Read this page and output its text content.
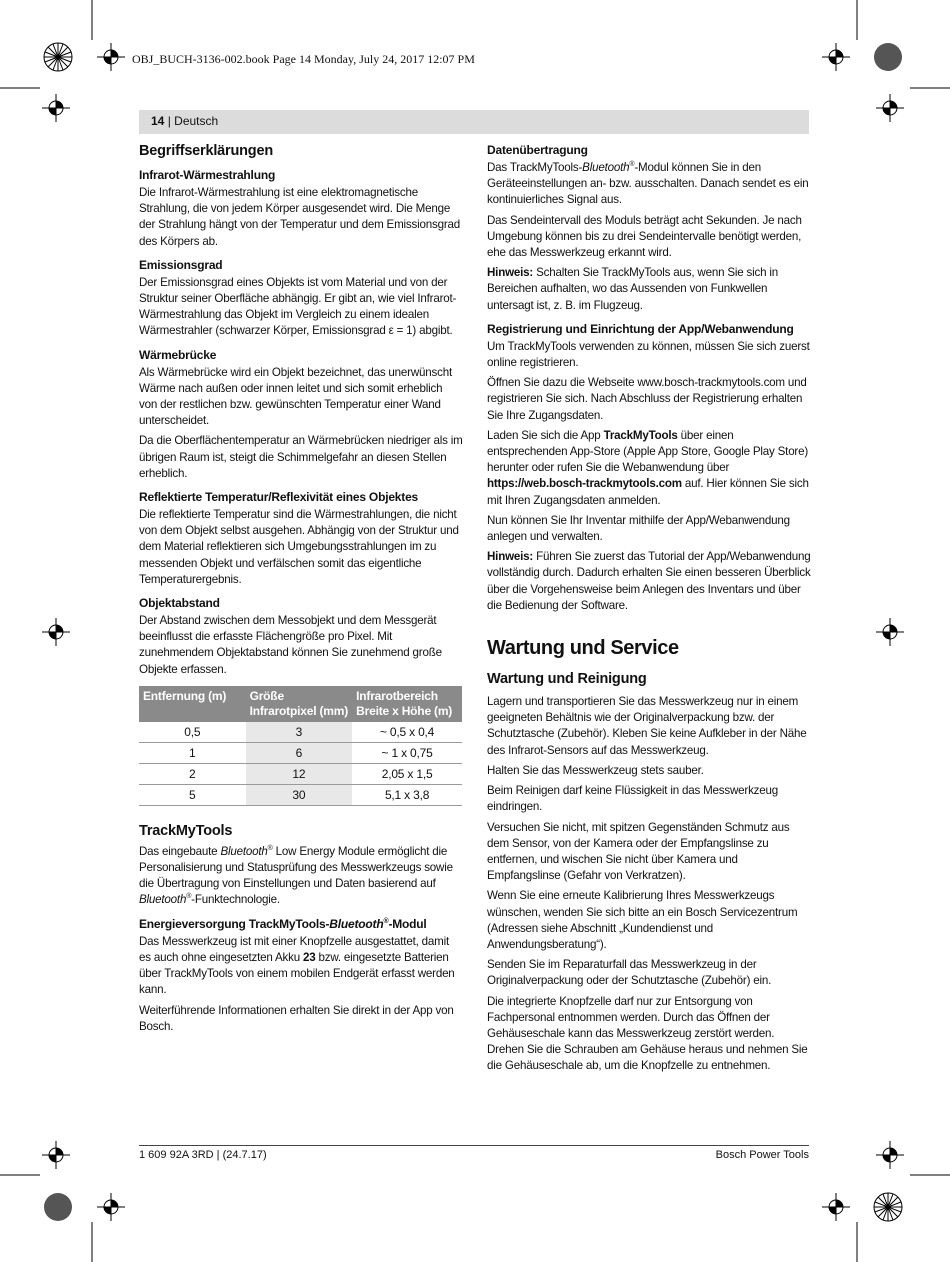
OBJ_BUCH-3136-002.book Page 14 Monday, July 24, 2017 12:07 PM
14 | Deutsch
Begriffserklärungen
Infrarot-Wärmestrahlung

Die Infrarot-Wärmestrahlung ist eine elektromagnetische Strahlung, die von jedem Körper ausgesendet wird. Die Menge der Strahlung hängt von der Temperatur und dem Emissionsgrad des Körpers ab.

Emissionsgrad

Der Emissionsgrad eines Objekts ist vom Material und von der Struktur seiner Oberfläche abhängig. Er gibt an, wie viel Infrarot-Wärmestrahlung das Objekt im Vergleich zu einem idealen Wärmestrahler (schwarzer Körper, Emissionsgrad ε = 1) abgibt.

Wärmebrücke

Als Wärmebrücke wird ein Objekt bezeichnet, das unerwünscht Wärme nach außen oder innen leitet und sich somit erheblich von der restlichen bzw. gewünschten Temperatur einer Wand unterscheidet.

Da die Oberflächentemperatur an Wärmebrücken niedriger als im übrigen Raum ist, steigt die Schimmelgefahr an diesen Stellen erheblich.

Reflektierte Temperatur/Reflexivität eines Objektes

Die reflektierte Temperatur sind die Wärmestrahlungen, die nicht von dem Objekt selbst ausgehen. Abhängig von der Struktur und dem Material reflektieren sich Umgebungsstrahlungen im zu messenden Objekt und verfälschen somit das eigentliche Temperaturergebnis.

Objektabstand

Der Abstand zwischen dem Messobjekt und dem Messgerät beeinflusst die erfasste Flächengröße pro Pixel. Mit zunehmendem Objektabstand können Sie zunehmend große Objekte erfassen.

Entfernung (m)	Größe Infrarotpixel (mm)	Infrarotbereich Breite x Höhe (m)
0,5	3	~ 0,5 x 0,4
1	6	~ 1 x 0,75
2	12	2,05 x 1,5
5	30	5,1 x 3,8
TrackMyTools

Das eingebaute Bluetooth® Low Energy Module ermöglicht die Personalisierung und Statusprüfung des Messwerkzeugs sowie die Übertragung von Einstellungen und Daten basierend auf Bluetooth®-Funktechnologie.

Energieversorgung TrackMyTools-Bluetooth®-Modul

Das Messwerkzeug ist mit einer Knopfzelle ausgestattet, damit es auch ohne eingesetzten Akku 23 bzw. eingesetzte Batterien über TrackMyTools von einem mobilen Endgerät erfasst werden kann.

Weiterführende Informationen erhalten Sie direkt in der App von Bosch.

Datenübertragung

Das TrackMyTools-Bluetooth®-Modul können Sie in den Geräteeinstellungen an- bzw. ausschalten. Danach sendet es ein kontinuierliches Signal aus.

Das Sendeintervall des Moduls beträgt acht Sekunden. Je nach Umgebung können bis zu drei Sendeintervalle benötigt werden, ehe das Messwerkzeug erkannt wird.

Hinweis: Schalten Sie TrackMyTools aus, wenn Sie sich in Bereichen aufhalten, wo das Aussenden von Funkwellen untersagt ist, z. B. im Flugzeug.

Registrierung und Einrichtung der App/Webanwendung

Um TrackMyTools verwenden zu können, müssen Sie sich zuerst online registrieren.

Öffnen Sie dazu die Webseite www.bosch-trackmytools.com und registrieren Sie sich. Nach Abschluss der Registrierung erhalten Sie Ihre Zugangsdaten.

Laden Sie sich die App TrackMyTools über einen entsprechenden App-Store (Apple App Store, Google Play Store) herunter oder rufen Sie die Webanwendung über https://web.bosch-trackmytools.com auf. Hier können Sie sich mit Ihren Zugangsdaten anmelden.

Nun können Sie Ihr Inventar mithilfe der App/Webanwendung anlegen und verwalten.

Hinweis: Führen Sie zuerst das Tutorial der App/Webanwendung vollständig durch. Dadurch erhalten Sie einen besseren Überblick über die Vorgehensweise beim Anlegen des Inventars und über die Bedienung der Software.

Wartung und Service
Wartung und Reinigung

Lagern und transportieren Sie das Messwerkzeug nur in einem geeigneten Behältnis wie der Originalverpackung bzw. der Schutztasche (Zubehör). Kleben Sie keine Aufkleber in der Nähe des Infrarot-Sensors auf das Messwerkzeug.

Halten Sie das Messwerkzeug stets sauber.

Beim Reinigen darf keine Flüssigkeit in das Messwerkzeug eindringen.

Versuchen Sie nicht, mit spitzen Gegenständen Schmutz aus dem Sensor, von der Kamera oder der Empfangslinse zu entfernen, und wischen Sie nicht über Kamera und Empfangslinse (Gefahr von Verkratzen).

Wenn Sie eine erneute Kalibrierung Ihres Messwerkzeugs wünschen, wenden Sie sich bitte an ein Bosch Servicezentrum (Adressen siehe Abschnitt „Kundendienst und Anwendungsberatung“).

Senden Sie im Reparaturfall das Messwerkzeug in der Originalverpackung oder der Schutztasche (Zubehör) ein.

Die integrierte Knopfzelle darf nur zur Entsorgung von Fachpersonal entnommen werden. Durch das Öffnen der Gehäuseschale kann das Messwerkzeug zerstört werden. Drehen Sie die Schrauben am Gehäuse heraus und nehmen Sie die Gehäuseschale ab, um die Knopfzelle zu entnehmen.

1 609 92A 3RD | (24.7.17)	Bosch Power Tools
